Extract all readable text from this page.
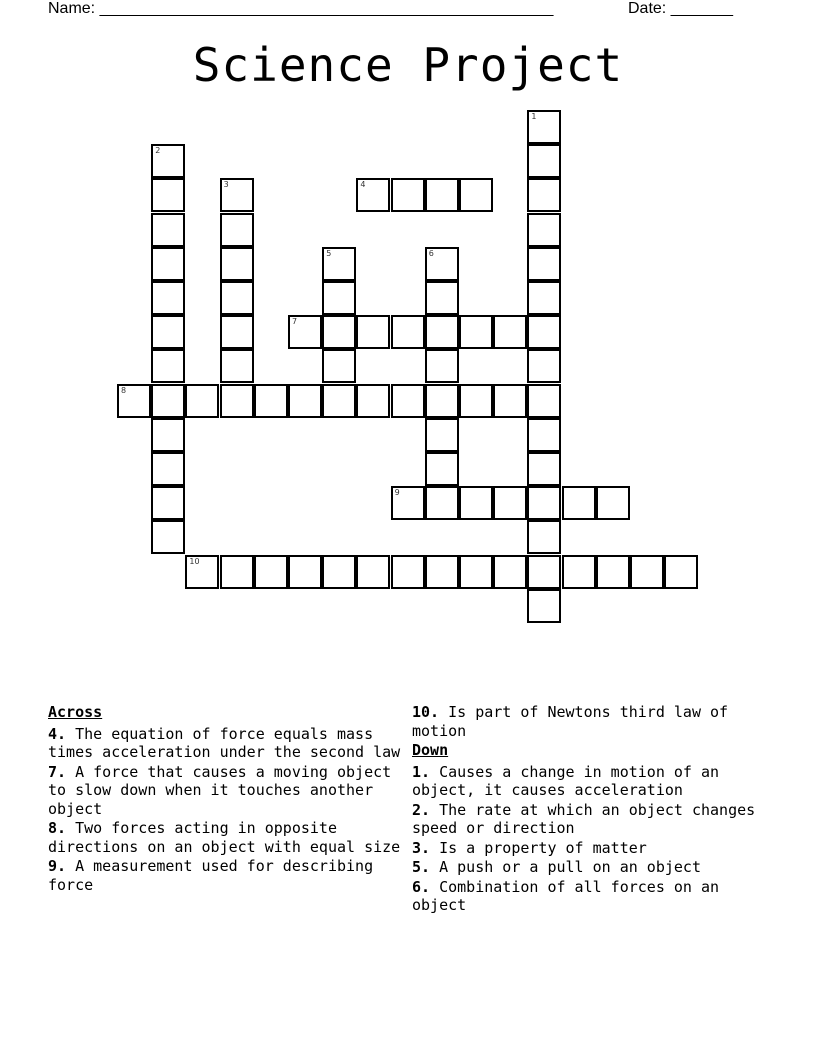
Name: ___________________________________________________	Date: _______
Science Project
1
2
3	4
5	6
7
8
9
10
Across
4. The equation of force equals mass times acceleration under the second law
7. A force that causes a moving object to slow down when it touches another object
8. Two forces acting in opposite directions on an object with equal size
9. A measurement used for describing force
10. Is part of Newtons third law of motion
Down
1. Causes a change in motion of an object, it causes acceleration
2. The rate at which an object changes speed or direction
3. Is a property of matter
5. A push or a pull on an object
6. Combination of all forces on an object
